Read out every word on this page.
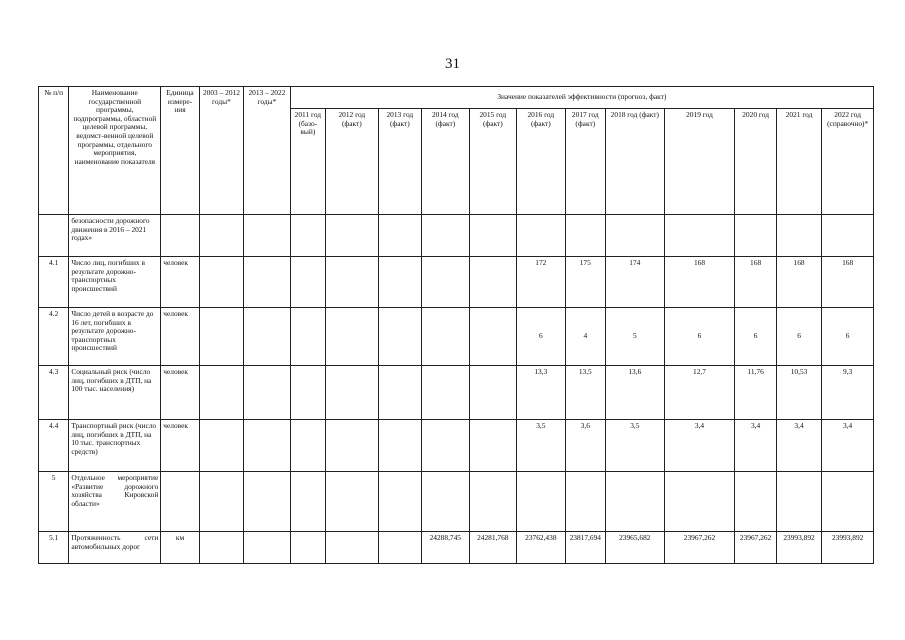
31
№ п/п	Наименование государственной программы, подпрограммы, областной целевой программы, ведомст-венной целевой программы, отдельного мероприятия, наименование показателя	Единица измере-ния	2003 – 2012 годы*	2013 – 2022 годы*	Значение показателей эффективности (прогноз, факт)											
					2011 год (базо-вый)	2012 год (факт)	2013 год (факт)	2014 год (факт)	2015 год (факт)	2016 год (факт)	2017 год (факт)	2018 год (факт)	2019 год	2020 год	2021 год	2022 год (справочно)*
	безопасности дорожного движения в 2016 – 2021 годах»															
4.1	Число лиц, погибших в результате дорожно-транспортных происшествий	человек								172	175	174	168	168	168	168
4.2	Число детей в возрасте до 16 лет, погибших в результате дорожно-транспортных происшествий	человек								6	4	5	6	6	6	6
4.3	Социальный риск (число лиц, погибших в ДТП, на 100 тыс. населения)	человек								13,3	13,5	13,6	12,7	11,76	10,53	9,3
4.4	Транспортный риск (число лиц, погибших в ДТП, на 10 тыс. транспортных средств)	человек								3,5	3,6	3,5	3,4	3,4	3,4	3,4
5	Отдельное мероприятие «Развитие дорожного хозяйства Кировской области»															
5.1	Протяженность сети автомобильных дорог	км						24288,745	24281,768	23762,438	23817,694	23965,682	23967,262	23967,262	23993,892	23993,892
